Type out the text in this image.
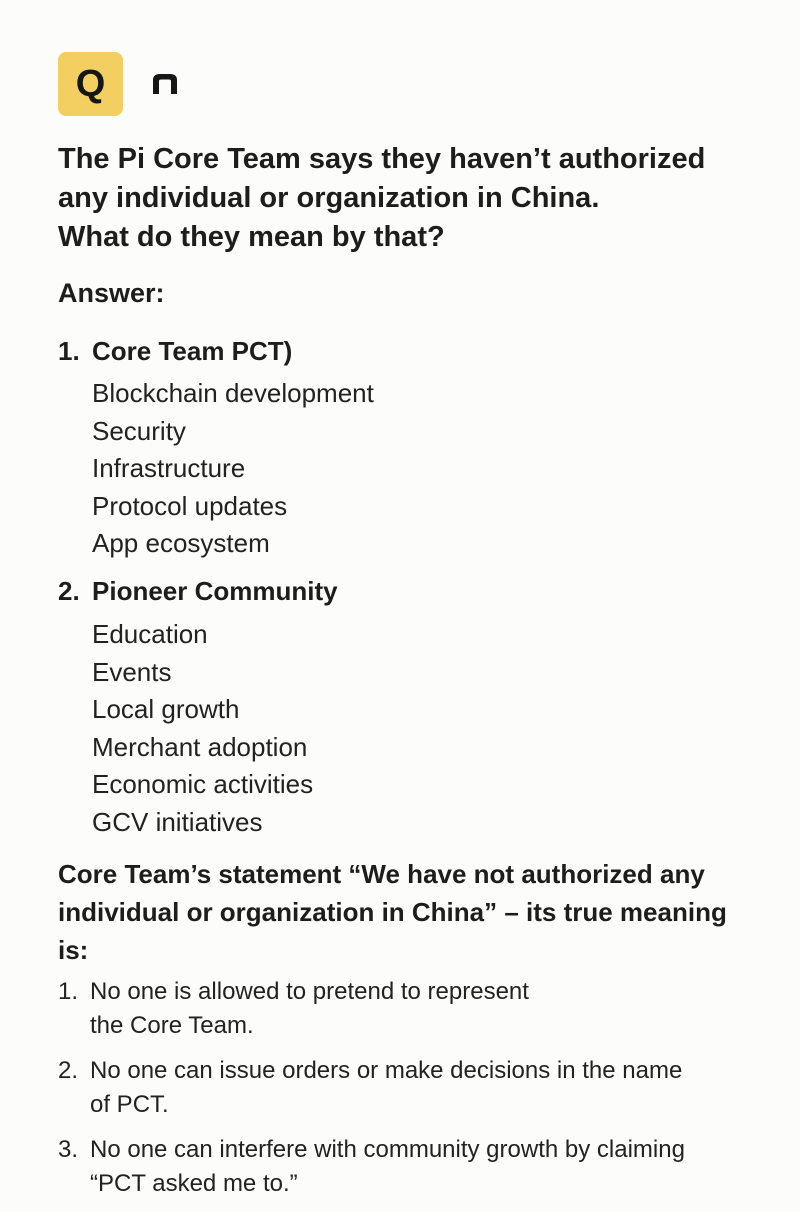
Q
The Pi Core Team says they haven’t authorized
any individual or organization in China.
What do they mean by that?
Answer:
1. Core Team PCT)
Blockchain development
Security
Infrastructure
Protocol updates
App ecosystem
2. Pioneer Community
Education
Events
Local growth
Merchant adoption
Economic activities
GCV initiatives
Core Team’s statement “We have not authorized any
individual or organization in China” – its true meaning
is:
1. No one is allowed to pretend to represent
the Core Team.
2. No one can issue orders or make decisions in the name
of PCT.
3. No one can interfere with community growth by claiming
“PCT asked me to.”
